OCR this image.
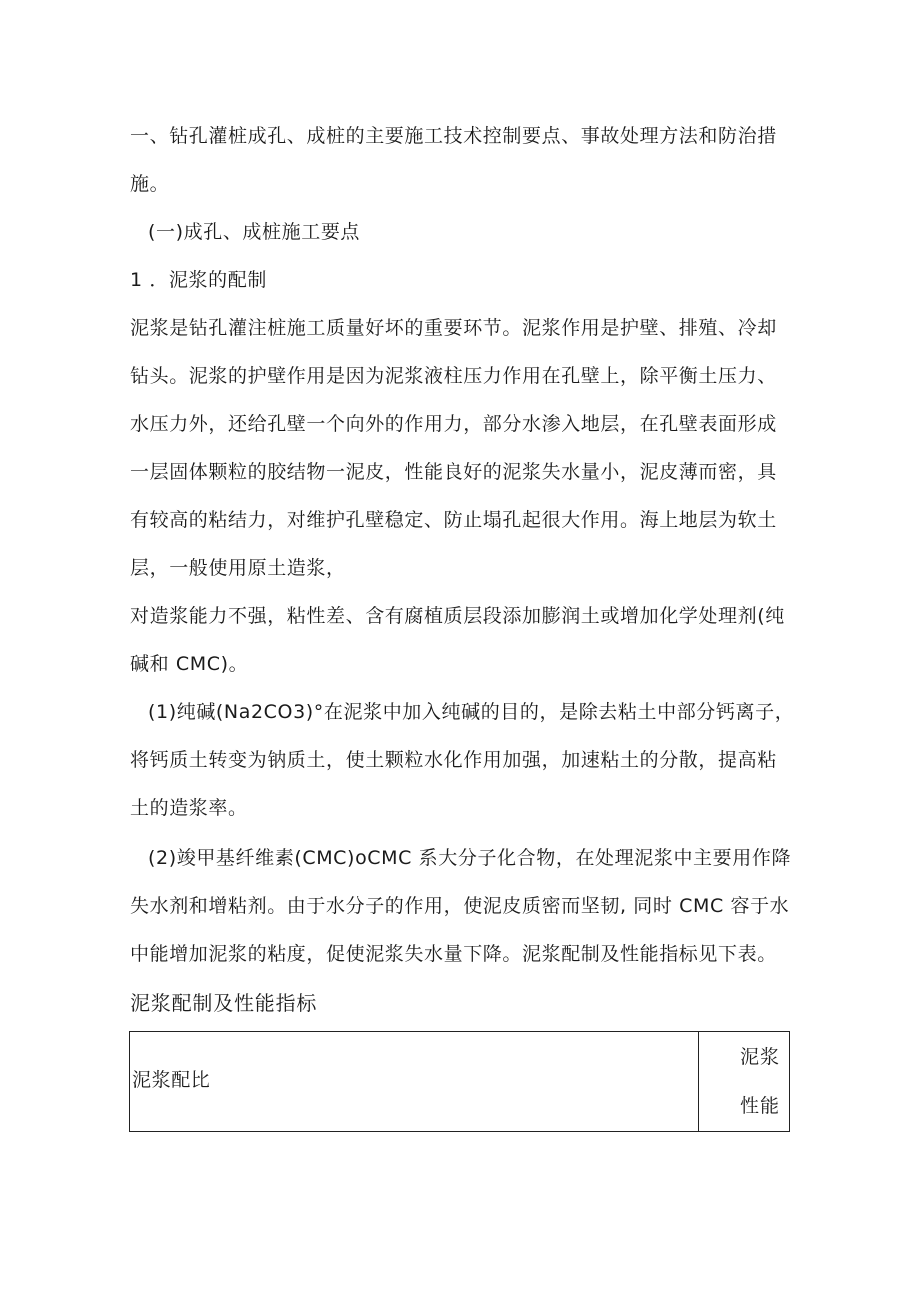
一、钻孔灌桩成孔、成桩的主要施工技术控制要点、事故处理方法和防治措
施。
(一)成孔、成桩施工要点
1 ．泥浆的配制
泥浆是钻孔灌注桩施工质量好坏的重要环节。泥浆作用是护壁、排殖、冷却
钻头。泥浆的护壁作用是因为泥浆液柱压力作用在孔壁上，除平衡土压力、
水压力外，还给孔壁一个向外的作用力，部分水渗入地层，在孔壁表面形成
一层固体颗粒的胶结物一泥皮，性能良好的泥浆失水量小，泥皮薄而密，具
有较高的粘结力，对维护孔壁稳定、防止塌孔起很大作用。海上地层为软土
层，一般使用原土造浆，
对造浆能力不强，粘性差、含有腐植质层段添加膨润土或增加化学处理剂(纯
碱和 CMC)。
(1)纯碱(Na2CO3)°在泥浆中加入纯碱的目的，是除去粘土中部分钙离子，
将钙质土转变为钠质土，使土颗粒水化作用加强，加速粘土的分散，提高粘
土的造浆率。
(2)竣甲基纤维素(CMC)oCMC 系大分子化合物，在处理泥浆中主要用作降
失水剂和增粘剂。由于水分子的作用，使泥皮质密而坚韧, 同时 CMC 容于水
中能增加泥浆的粘度，促使泥浆失水量下降。泥浆配制及性能指标见下表。
泥浆配制及性能指标
泥浆配比
泥浆
性能
